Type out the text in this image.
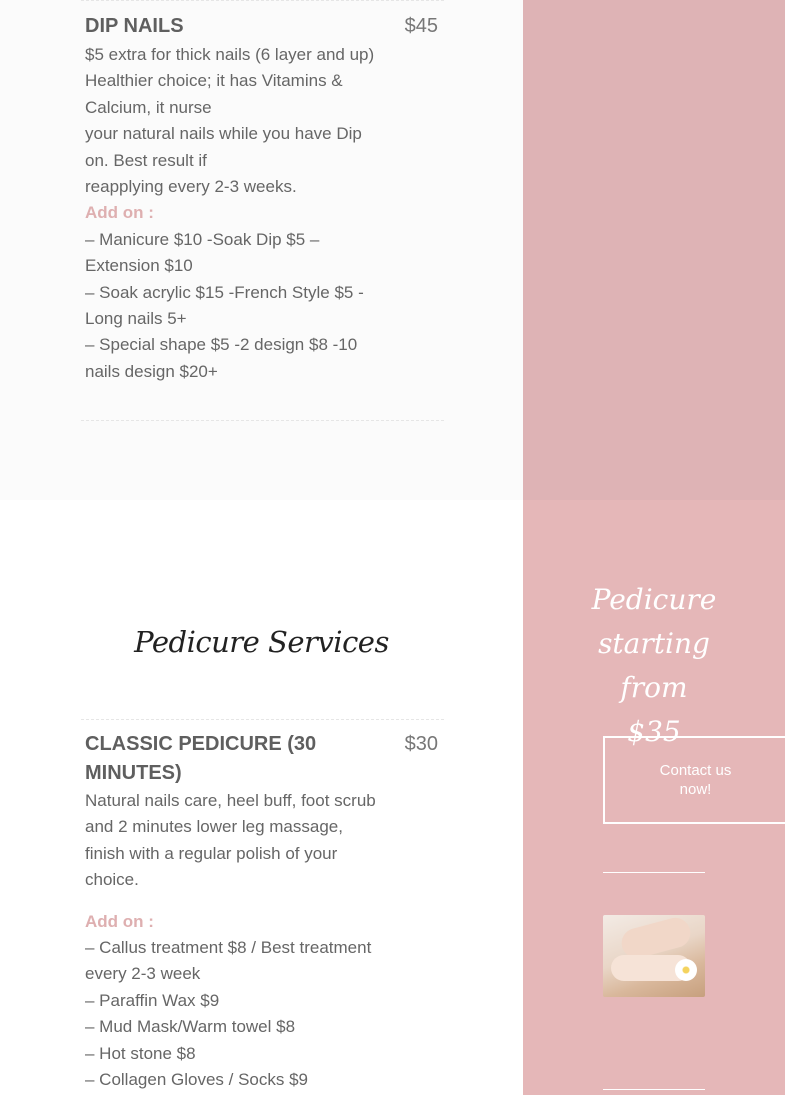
DIP NAILS	$45

$5 extra for thick nails (6 layer and up)

Healthier choice; it has Vitamins & Calcium, it nurse

your natural nails while you have Dip on. Best result if

reapplying every 2-3 weeks.

Add on :

– Manicure $10 -Soak Dip $5 – Extension $10

– Soak acrylic $15 -French Style $5 - Long nails 5+

– Special shape $5 -2 design $8 -10 nails design $20+

Pedicure Services
CLASSIC PEDICURE (30 MINUTES)
$30

Natural nails care, heel buff, foot scrub and 2 minutes lower leg massage, finish with a regular polish of your choice.

Add on :

– Callus treatment $8 / Best treatment every 2-3 week

– Paraffin Wax $9

– Mud Mask/Warm towel $8

– Hot stone $8

– Collagen Gloves / Socks $9

Pedicure
starting
from $35
Contact us now!
